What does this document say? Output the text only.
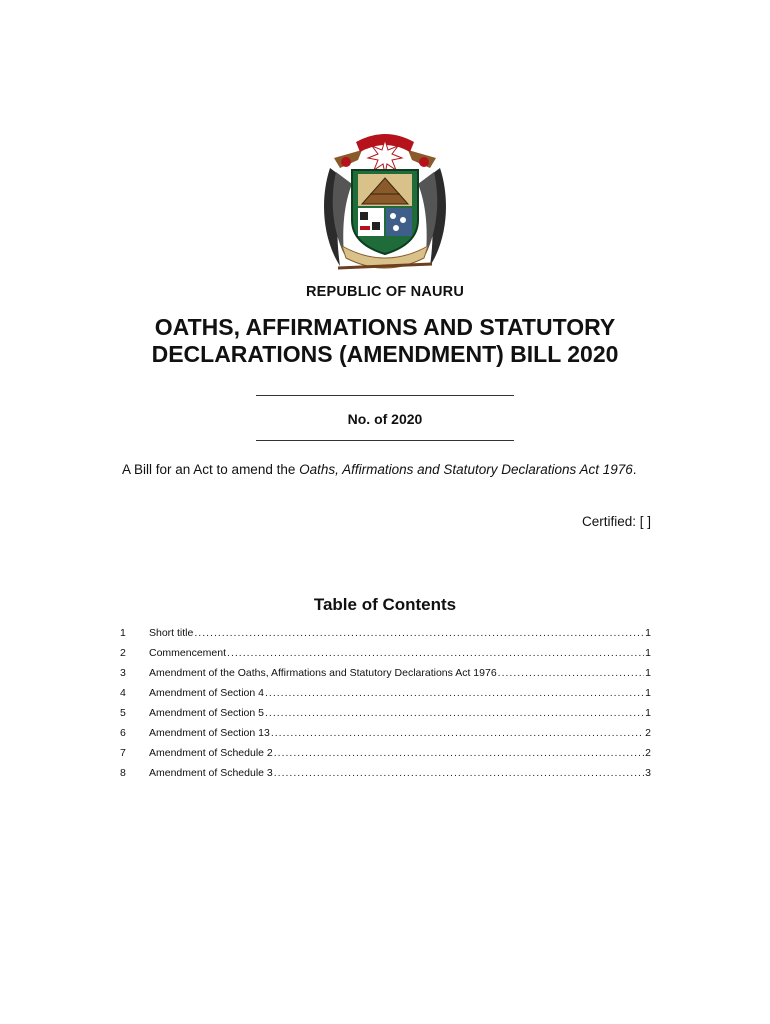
REPUBLIC OF NAURU
OATHS, AFFIRMATIONS AND STATUTORY
DECLARATIONS (AMENDMENT) BILL 2020
No. of 2020
A Bill for an Act to amend the Oaths, Affirmations and Statutory Declarations Act 1976.
Certified: [ ]
Table of Contents
1	Short title .....	1
2	Commencement .....	1
3	Amendment of the Oaths, Affirmations and Statutory Declarations Act 1976 .....	1
4	Amendment of Section 4 .....	1
5	Amendment of Section 5 .....	1
6	Amendment of Section 13 .....	2
7	Amendment of Schedule 2 .....	2
8	Amendment of Schedule 3 .....	3
